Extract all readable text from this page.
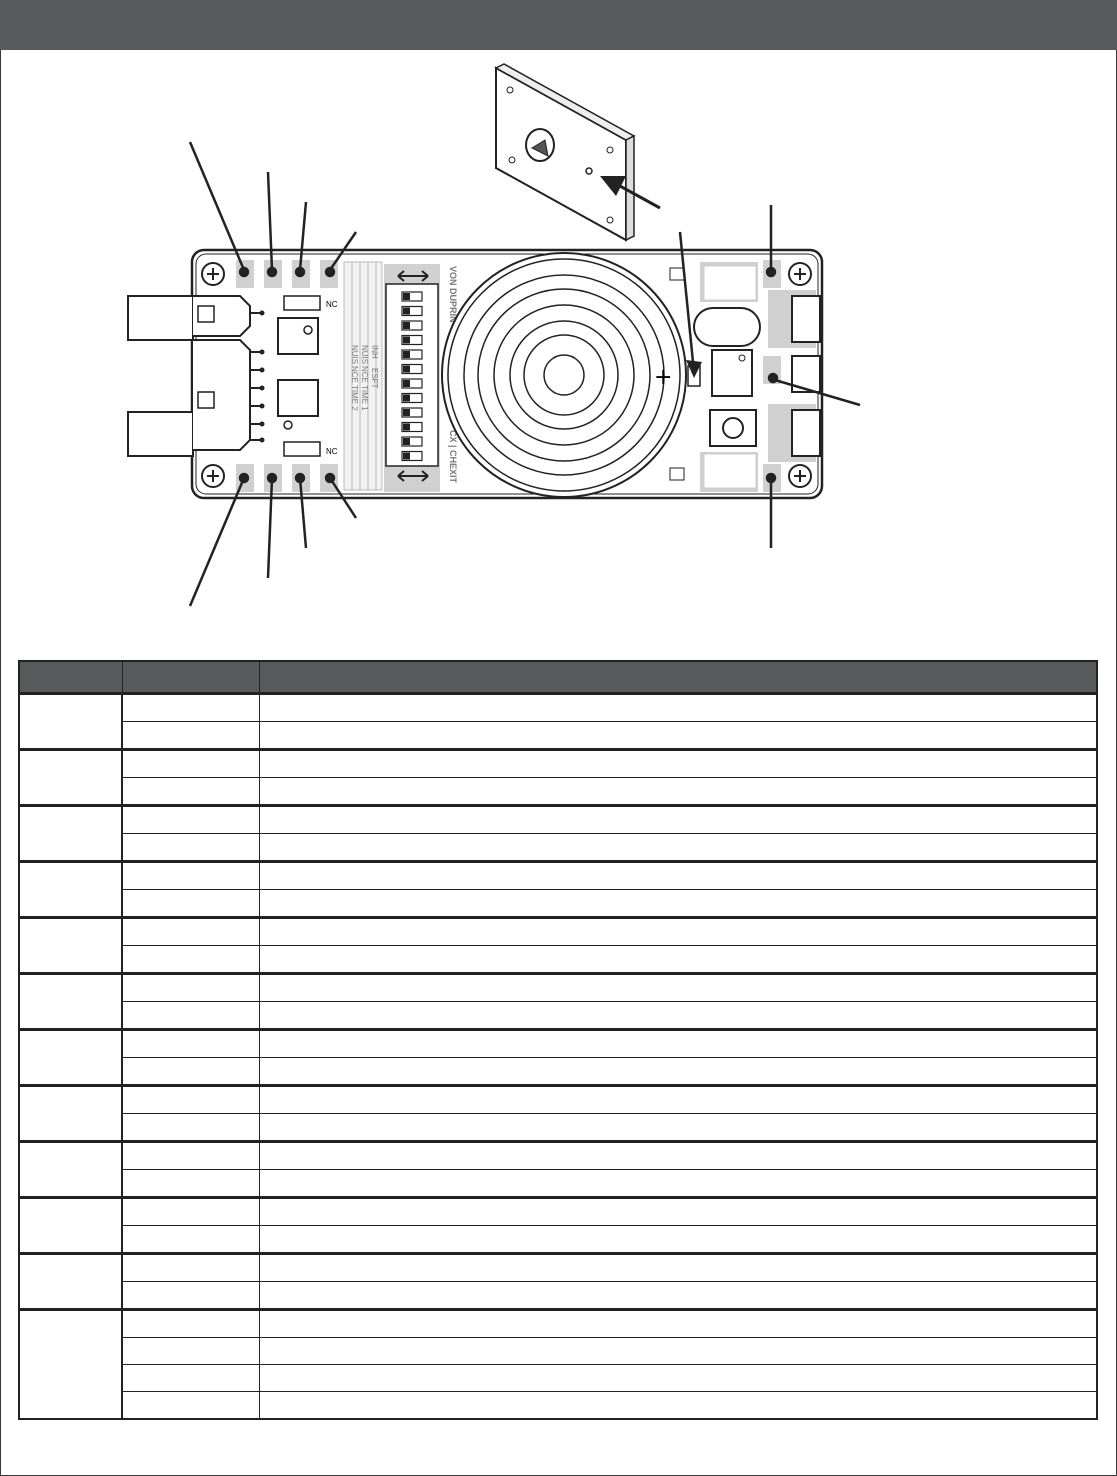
NC
NC
INH
ESFT
NUIS
NCE TIME 1
NUIS
NCE TIME 2
VON DUPRIN
CX | CHEXIT
+
